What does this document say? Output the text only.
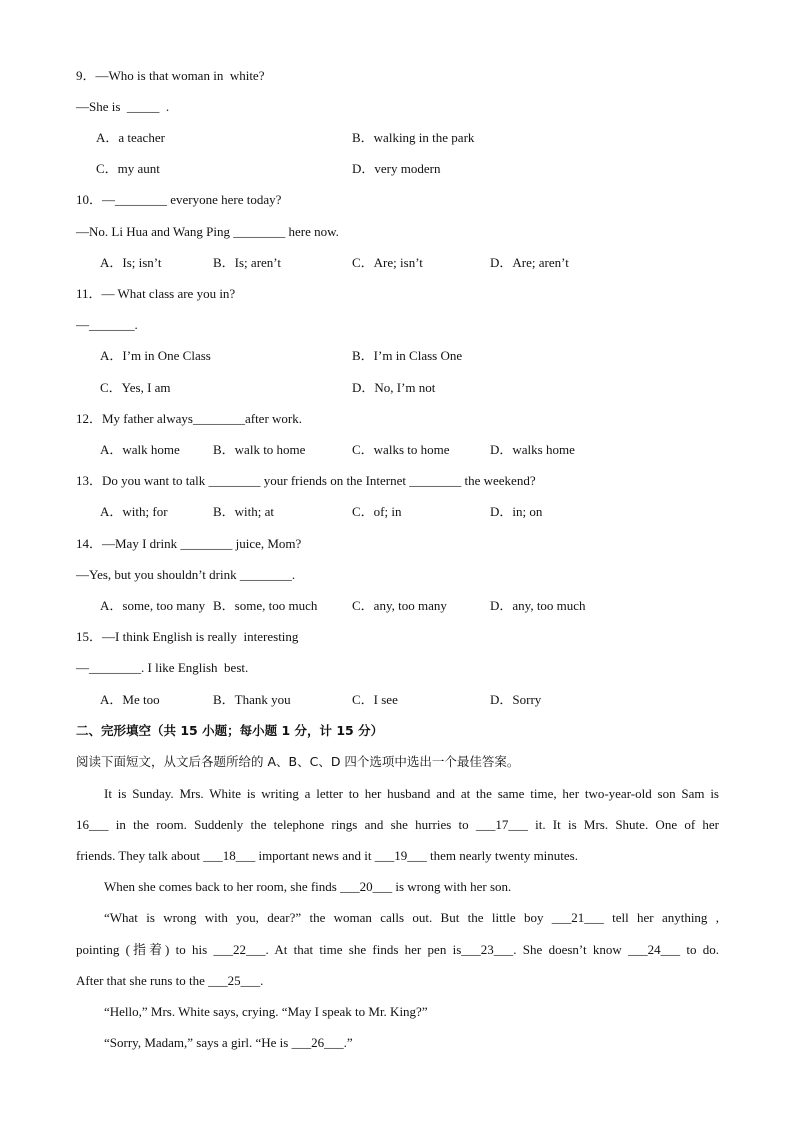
9．—Who is that woman in  white?
—She is  _____  .
A．a teacher	B．walking in the park
C．my aunt	D．very modern
10．—________ everyone here today?
—No. Li Hua and Wang Ping ________ here now.
A．Is; isn’t	B．Is; aren’t	C．Are; isn’t	D．Are; aren’t
11．— What class are you in?
—_______.
A．I’m in One Class	B．I’m in Class One
C．Yes, I am	D．No, I’m not
12．My father always________after work.
A．walk home	B．walk to home	C．walks to home	D．walks home
13．Do you want to talk ________ your friends on the Internet ________ the weekend?
A．with; for	B．with; at	C．of; in	D．in; on
14．—May I drink ________ juice, Mom?
—Yes, but you shouldn’t drink ________.
A．some, too many B．some, too much	C．any, too many	D．any, too much
15．—I think English is really  interesting
—________. I like English  best.
A．Me too	B．Thank you	C．I see	D．Sorry
二、完形填空（共 15 小题；每小题 1 分，计 15 分）
阅读下面短文，从文后各题所给的 A、B、C、D 四个选项中选出一个最佳答案。
It is Sunday. Mrs. White is writing a letter to her husband and at the same time, her two-year-old son Sam is
16___ in the room. Suddenly the telephone rings and she hurries to ___17___ it. It is Mrs. Shute. One of her
friends. They talk about ___18___ important news and it ___19___ them nearly twenty minutes.
When she comes back to her room, she finds ___20___ is wrong with her son.
“What is wrong with you, dear?” the woman calls out. But the little boy ___21___ tell her anything ,
pointing (指着) to his ___22___. At that time she finds her pen is___23___. She doesn’t know ___24___ to do.
After that she runs to the ___25___.
“Hello,” Mrs. White says, crying. “May I speak to Mr. King?”
“Sorry, Madam,” says a girl. “He is ___26___.”
